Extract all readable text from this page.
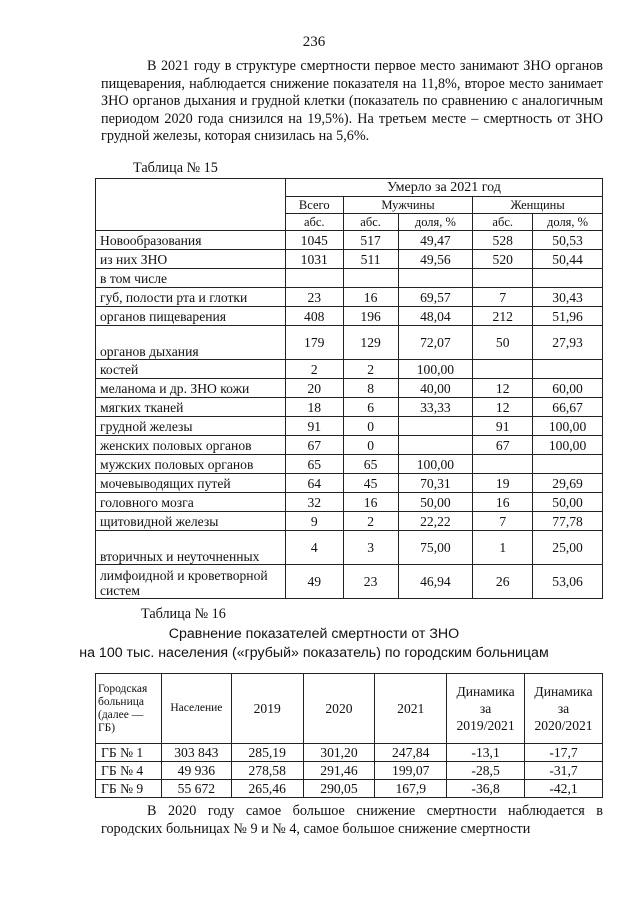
236
В 2021 году в структуре смертности первое место занимают ЗНО органов пищеварения, наблюдается снижение показателя на 11,8%, второе место занимает ЗНО органов дыхания и грудной клетки (показатель по сравнению с аналогичным периодом 2020 года снизился на 19,5%). На третьем месте – смертность от ЗНО грудной железы, которая снизилась на 5,6%.
Таблица № 15
	Умерло за 2021 год				
	Всего	Мужчины		Женщины	
	абс.	абс.	доля, %	абс.	доля, %
Новообразования	1045	517	49,47	528	50,53
из них ЗНО	1031	511	49,56	520	50,44
в том числе					
губ, полости рта и глотки	23	16	69,57	7	30,43
органов пищеварения	408	196	48,04	212	51,96
органов дыхания	179	129	72,07	50	27,93
костей	2	2	100,00		
меланома и др. ЗНО кожи	20	8	40,00	12	60,00
мягких тканей	18	6	33,33	12	66,67
грудной железы	91	0		91	100,00
женских половых органов	67	0		67	100,00
мужских половых органов	65	65	100,00		
мочевыводящих путей	64	45	70,31	19	29,69
головного мозга	32	16	50,00	16	50,00
щитовидной железы	9	2	22,22	7	77,78
вторичных и неуточненных	4	3	75,00	1	25,00
лимфоидной и кроветворной систем	49	23	46,94	26	53,06
Таблица № 16
Сравнение показателей смертности от ЗНО
на 100 тыс. населения («грубый» показатель) по городским больницам
Городская больница (далее — ГБ)	Население	2019	2020	2021	Динамика за 2019/2021	Динамика за 2020/2021
ГБ № 1	303 843	285,19	301,20	247,84	-13,1	-17,7
ГБ № 4	49 936	278,58	291,46	199,07	-28,5	-31,7
ГБ № 9	55 672	265,46	290,05	167,9	-36,8	-42,1
В 2020 году самое большое снижение смертности наблюдается в городских больницах № 9 и № 4, самое большое снижение смертности
